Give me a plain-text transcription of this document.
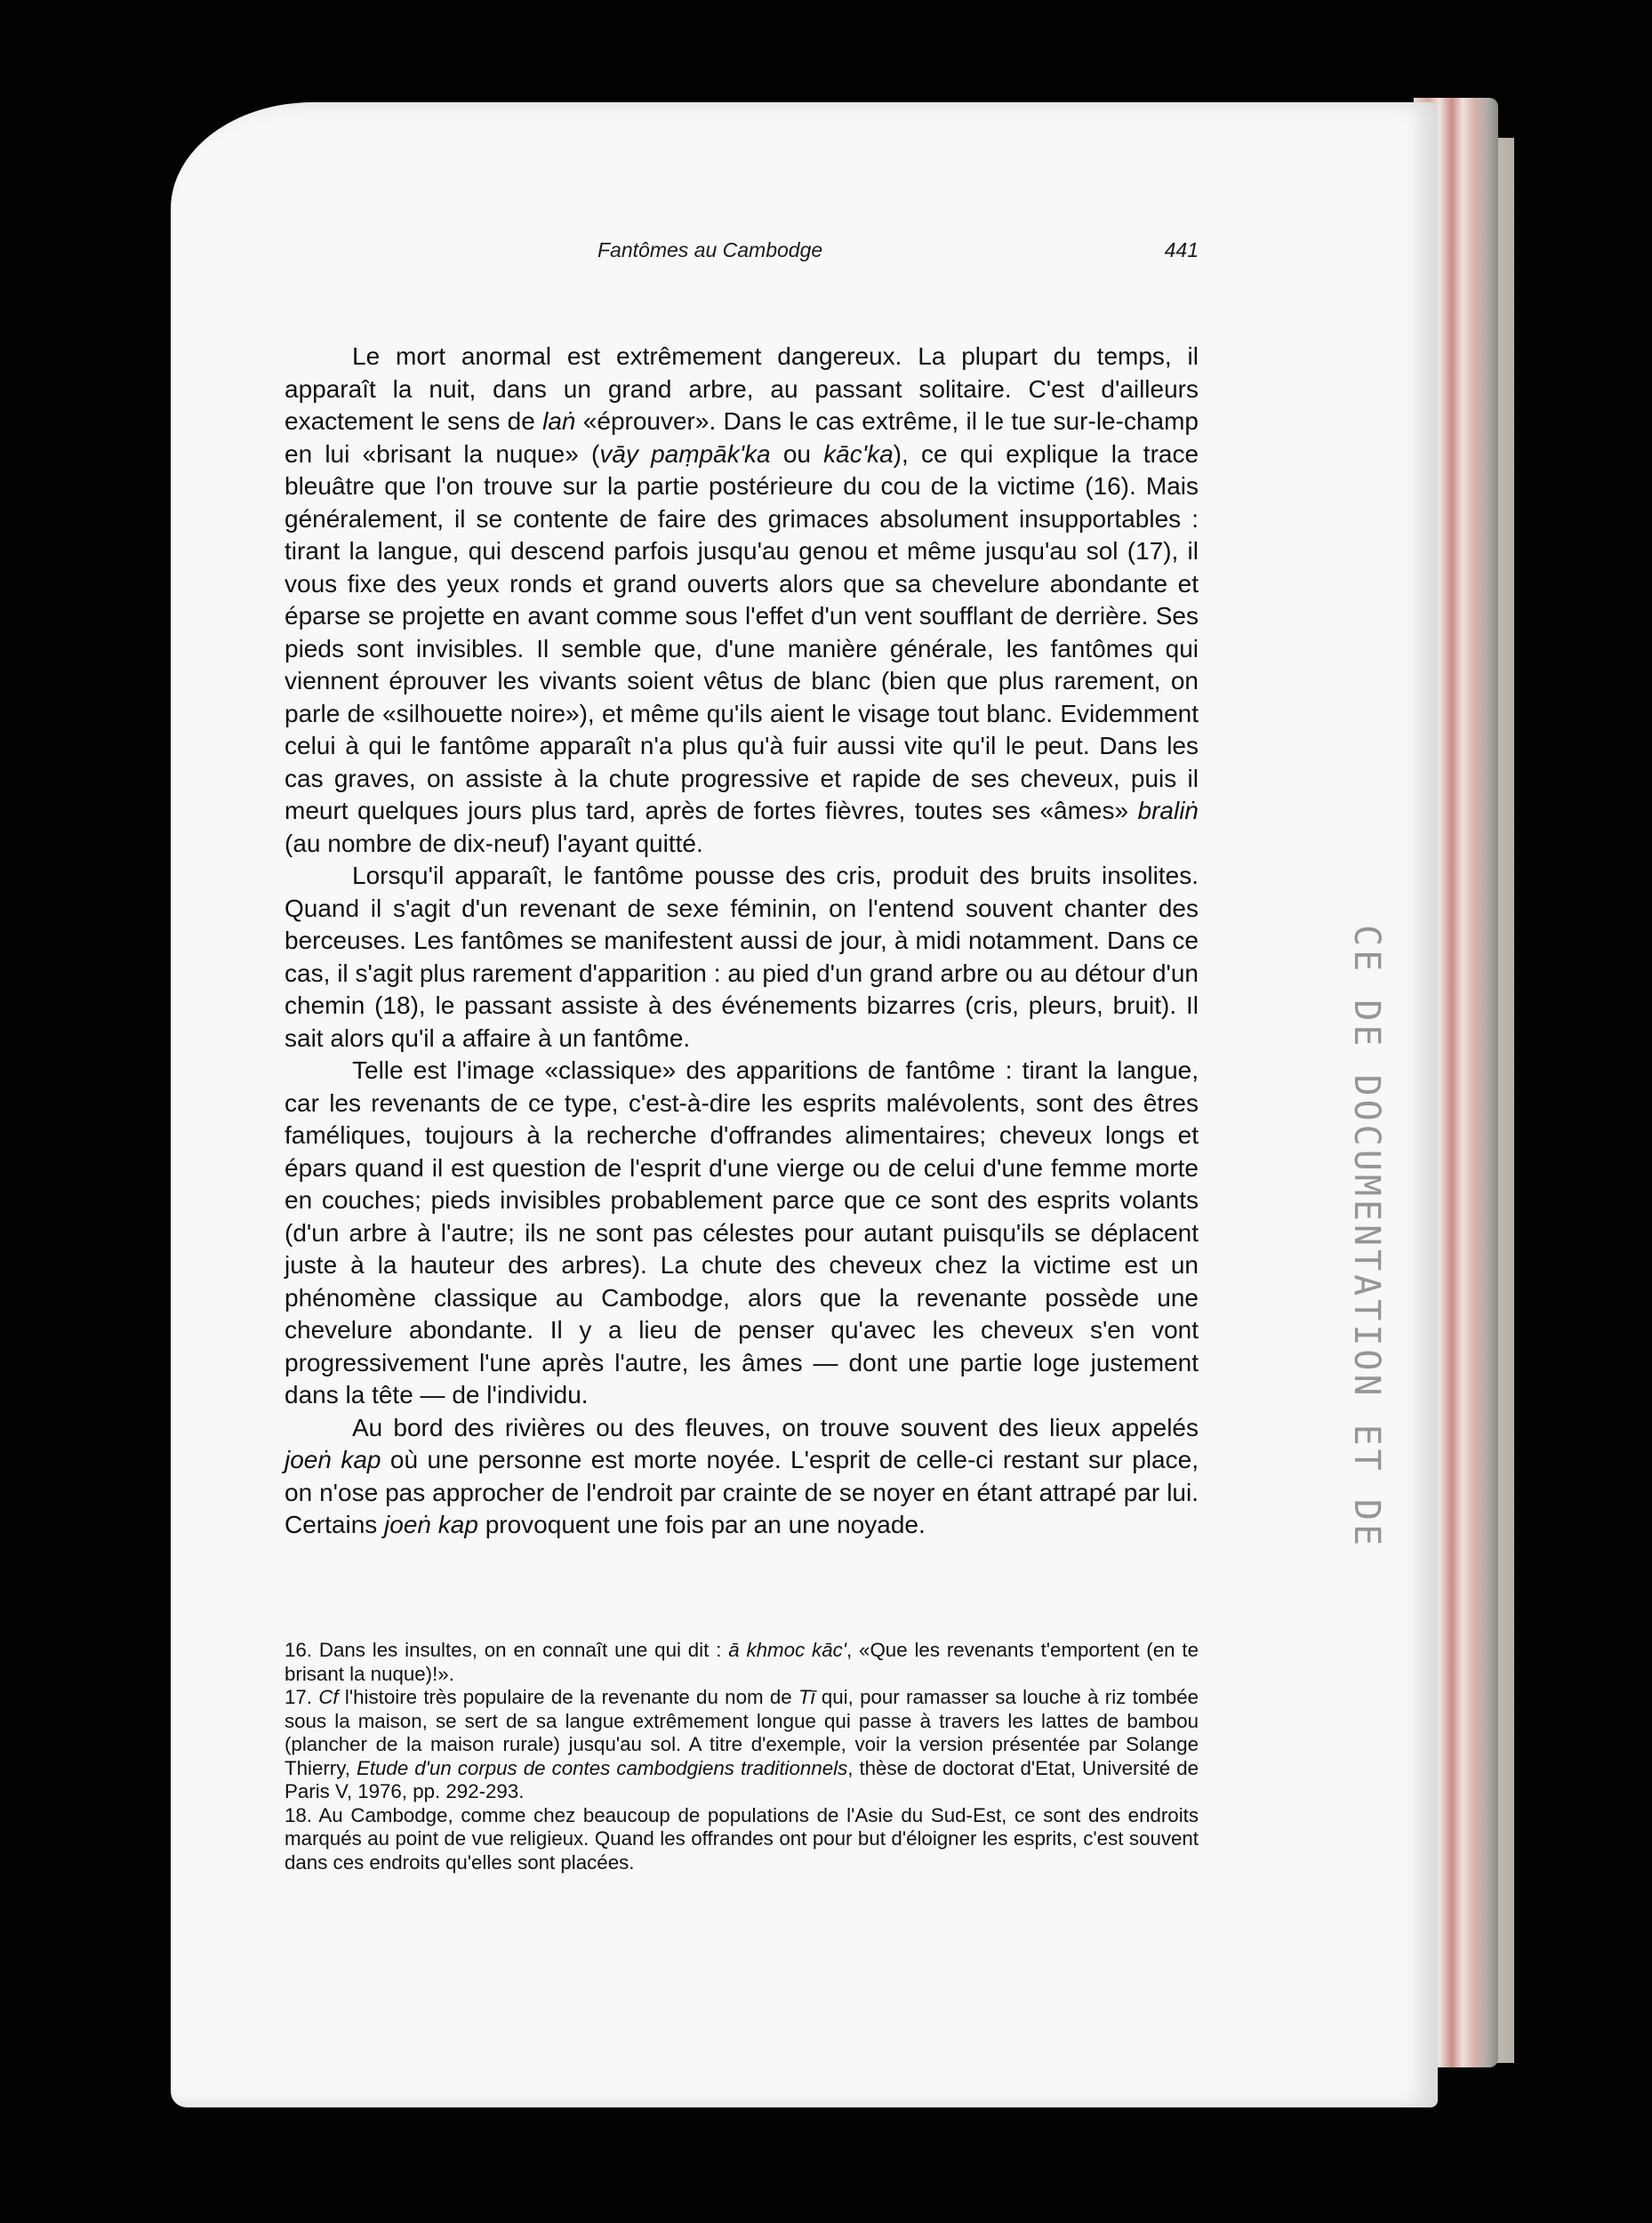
CE DE DOCUMENTATION ET DE
Fantômes au Cambodge	441

Le mort anormal est extrêmement dangereux. La plupart du temps, il apparaît la nuit, dans un grand arbre, au passant solitaire. C'est d'ailleurs exactement le sens de laṅ «éprouver». Dans le cas extrême, il le tue sur-le-champ en lui «brisant la nuque» (vāy paṃpāk'ka ou kāc'ka), ce qui explique la trace bleuâtre que l'on trouve sur la partie postérieure du cou de la victime (16). Mais généralement, il se contente de faire des grimaces absolument insupportables : tirant la langue, qui descend parfois jusqu'au genou et même jusqu'au sol (17), il vous fixe des yeux ronds et grand ouverts alors que sa chevelure abondante et éparse se projette en avant comme sous l'effet d'un vent soufflant de derrière. Ses pieds sont invisibles. Il semble que, d'une manière générale, les fantômes qui viennent éprouver les vivants soient vêtus de blanc (bien que plus rarement, on parle de «silhouette noire»), et même qu'ils aient le visage tout blanc. Evidemment celui à qui le fantôme apparaît n'a plus qu'à fuir aussi vite qu'il le peut. Dans les cas graves, on assiste à la chute progressive et rapide de ses cheveux, puis il meurt quelques jours plus tard, après de fortes fièvres, toutes ses «âmes» braliṅ (au nombre de dix-neuf) l'ayant quitté.

Lorsqu'il apparaît, le fantôme pousse des cris, produit des bruits insolites. Quand il s'agit d'un revenant de sexe féminin, on l'entend souvent chanter des berceuses. Les fantômes se manifestent aussi de jour, à midi notamment. Dans ce cas, il s'agit plus rarement d'apparition : au pied d'un grand arbre ou au détour d'un chemin (18), le passant assiste à des événements bizarres (cris, pleurs, bruit). Il sait alors qu'il a affaire à un fantôme.

Telle est l'image «classique» des apparitions de fantôme : tirant la langue, car les revenants de ce type, c'est-à-dire les esprits malévolents, sont des êtres faméliques, toujours à la recherche d'offrandes alimentaires; cheveux longs et épars quand il est question de l'esprit d'une vierge ou de celui d'une femme morte en couches; pieds invisibles probablement parce que ce sont des esprits volants (d'un arbre à l'autre; ils ne sont pas célestes pour autant puisqu'ils se déplacent juste à la hauteur des arbres). La chute des cheveux chez la victime est un phénomène classique au Cambodge, alors que la revenante possède une chevelure abondante. Il y a lieu de penser qu'avec les cheveux s'en vont progressivement l'une après l'autre, les âmes — dont une partie loge justement dans la tête — de l'individu.

Au bord des rivières ou des fleuves, on trouve souvent des lieux appelés joeṅ kap où une personne est morte noyée. L'esprit de celle-ci restant sur place, on n'ose pas approcher de l'endroit par crainte de se noyer en étant attrapé par lui. Certains joeṅ kap provoquent une fois par an une noyade.

16. Dans les insultes, on en connaît une qui dit : ā khmoc kāc', «Que les revenants t'emportent (en te brisant la nuque)!».

17. Cf l'histoire très populaire de la revenante du nom de Tī qui, pour ramasser sa louche à riz tombée sous la maison, se sert de sa langue extrêmement longue qui passe à travers les lattes de bambou (plancher de la maison rurale) jusqu'au sol. A titre d'exemple, voir la version présentée par Solange Thierry, Etude d'un corpus de contes cambodgiens traditionnels, thèse de doctorat d'Etat, Université de Paris V, 1976, pp. 292-293.

18. Au Cambodge, comme chez beaucoup de populations de l'Asie du Sud-Est, ce sont des endroits marqués au point de vue religieux. Quand les offrandes ont pour but d'éloigner les esprits, c'est souvent dans ces endroits qu'elles sont placées.
